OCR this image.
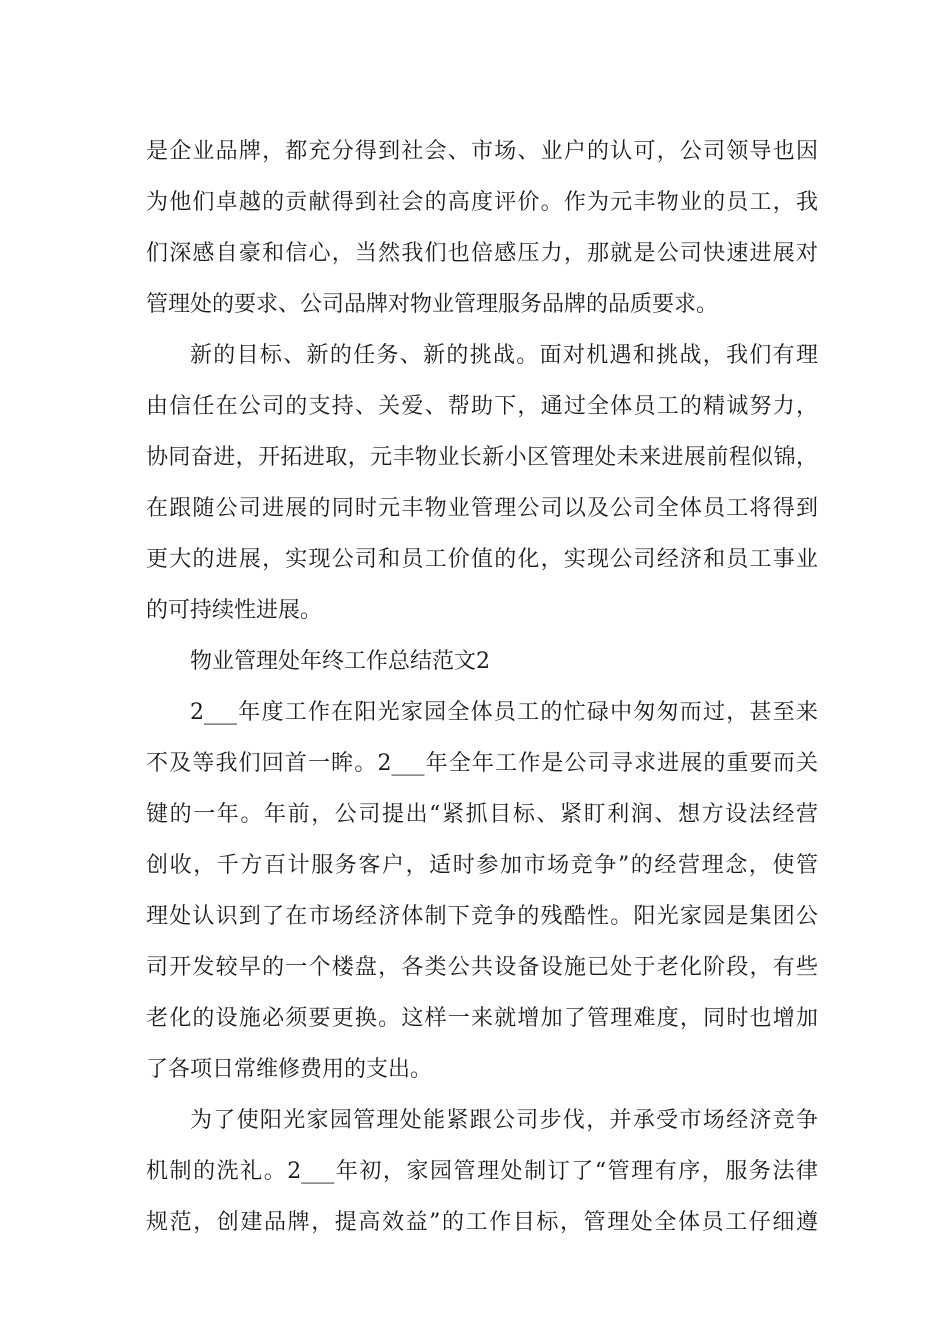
是企业品牌，都充分得到社会、市场、业户的认可，公司领导也因
为他们卓越的贡献得到社会的高度评价。作为元丰物业的员工，我
们深感自豪和信心，当然我们也倍感压力，那就是公司快速进展对
管理处的要求、公司品牌对物业管理服务品牌的品质要求。
新的目标、新的任务、新的挑战。面对机遇和挑战，我们有理
由信任在公司的支持、关爱、帮助下，通过全体员工的精诚努力，
协同奋进，开拓进取，元丰物业长新小区管理处未来进展前程似锦，
在跟随公司进展的同时元丰物业管理公司以及公司全体员工将得到
更大的进展，实现公司和员工价值的化，实现公司经济和员工事业
的可持续性进展。
物业管理处年终工作总结范文2
2___年度工作在阳光家园全体员工的忙碌中匆匆而过，甚至来
不及等我们回首一眸。2___年全年工作是公司寻求进展的重要而关
键的一年。年前，公司提出“紧抓目标、紧盯利润、想方设法经营
创收，千方百计服务客户，适时参加市场竞争”的经营理念，使管
理处认识到了在市场经济体制下竞争的残酷性。阳光家园是集团公
司开发较早的一个楼盘，各类公共设备设施已处于老化阶段，有些
老化的设施必须要更换。这样一来就增加了管理难度，同时也增加
了各项日常维修费用的支出。
为了使阳光家园管理处能紧跟公司步伐，并承受市场经济竞争
机制的洗礼。2___年初，家园管理处制订了“管理有序，服务法律
规范，创建品牌，提高效益”的工作目标，管理处全体员工仔细遵
